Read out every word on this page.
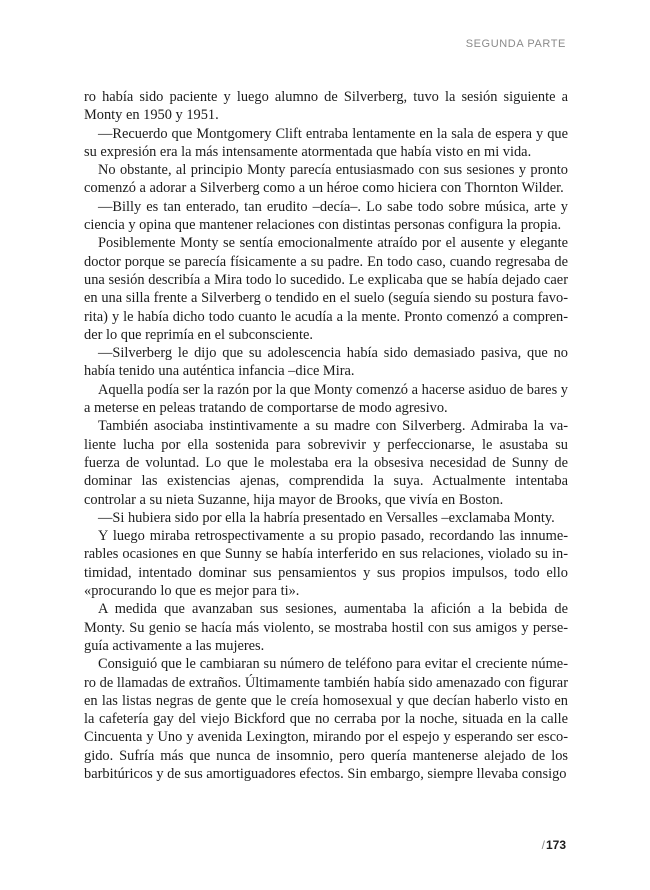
SEGUNDA PARTE

ro había sido paciente y luego alumno de Silverberg, tuvo la sesión siguiente a Monty en 1950 y 1951.

—Recuerdo que Montgomery Clift entraba lentamente en la sala de espera y que su expresión era la más intensamente atormentada que había visto en mi vida.

No obstante, al principio Monty parecía entusiasmado con sus sesiones y pronto comenzó a adorar a Silverberg como a un héroe como hiciera con Thornton Wilder.

—Billy es tan enterado, tan erudito –decía–. Lo sabe todo sobre música, arte y ciencia y opina que mantener relaciones con distintas personas configura la propia.

Posiblemente Monty se sentía emocionalmente atraído por el ausente y elegante doctor porque se parecía físicamente a su padre. En todo caso, cuando regresaba de una sesión describía a Mira todo lo sucedido. Le explicaba que se había dejado caer en una silla frente a Silverberg o tendido en el suelo (seguía siendo su postura favorita) y le había dicho todo cuanto le acudía a la mente. Pronto comenzó a comprender lo que reprimía en el subconsciente.

—Silverberg le dijo que su adolescencia había sido demasiado pasiva, que no había tenido una auténtica infancia –dice Mira.

Aquella podía ser la razón por la que Monty comenzó a hacerse asiduo de bares y a meterse en peleas tratando de comportarse de modo agresivo.

También asociaba instintivamente a su madre con Silverberg. Admiraba la valiente lucha por ella sostenida para sobrevivir y perfeccionarse, le asustaba su fuerza de voluntad. Lo que le molestaba era la obsesiva necesidad de Sunny de dominar las existencias ajenas, comprendida la suya. Actualmente intentaba controlar a su nieta Suzanne, hija mayor de Brooks, que vivía en Boston.

—Si hubiera sido por ella la habría presentado en Versalles –exclamaba Monty.

Y luego miraba retrospectivamente a su propio pasado, recordando las innumerables ocasiones en que Sunny se había interferido en sus relaciones, violado su intimidad, intentado dominar sus pensamientos y sus propios impulsos, todo ello «procurando lo que es mejor para ti».

A medida que avanzaban sus sesiones, aumentaba la afición a la bebida de Monty. Su genio se hacía más violento, se mostraba hostil con sus amigos y perseguía activamente a las mujeres.

Consiguió que le cambiaran su número de teléfono para evitar el creciente número de llamadas de extraños. Últimamente también había sido amenazado con figurar en las listas negras de gente que le creía homosexual y que decían haberlo visto en la cafetería gay del viejo Bickford que no cerraba por la noche, situada en la calle Cincuenta y Uno y avenida Lexington, mirando por el espejo y esperando ser escogido. Sufría más que nunca de insomnio, pero quería mantenerse alejado de los barbitúricos y de sus amortiguadores efectos. Sin embargo, siempre llevaba consigo

/173
